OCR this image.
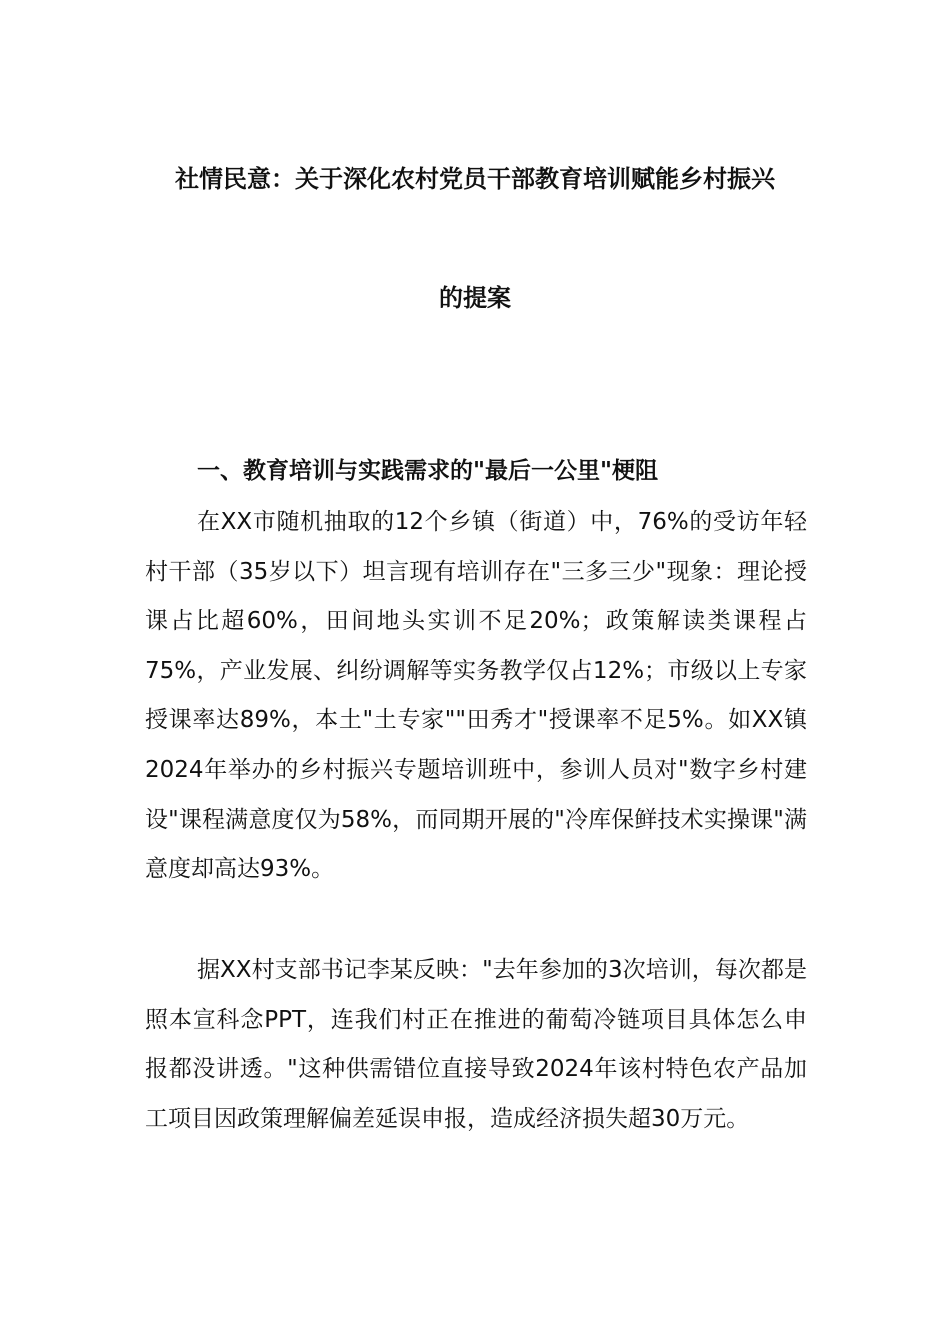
社情民意：关于深化农村党员干部教育培训赋能乡村振兴
的提案
一、教育培训与实践需求的"最后一公里"梗阻

在XX市随机抽取的12个乡镇（街道）中，76%的受访年轻村干部（35岁以下）坦言现有培训存在"三多三少"现象：理论授课占比超60%，田间地头实训不足20%；政策解读类课程占75%，产业发展、纠纷调解等实务教学仅占12%；市级以上专家授课率达89%，本土"土专家""田秀才"授课率不足5%。如XX镇2024年举办的乡村振兴专题培训班中，参训人员对"数字乡村建设"课程满意度仅为58%，而同期开展的"冷库保鲜技术实操课"满意度却高达93%。

据XX村支部书记李某反映："去年参加的3次培训，每次都是照本宣科念PPT，连我们村正在推进的葡萄冷链项目具体怎么申报都没讲透。"这种供需错位直接导致2024年该村特色农产品加工项目因政策理解偏差延误申报，造成经济损失超30万元。
